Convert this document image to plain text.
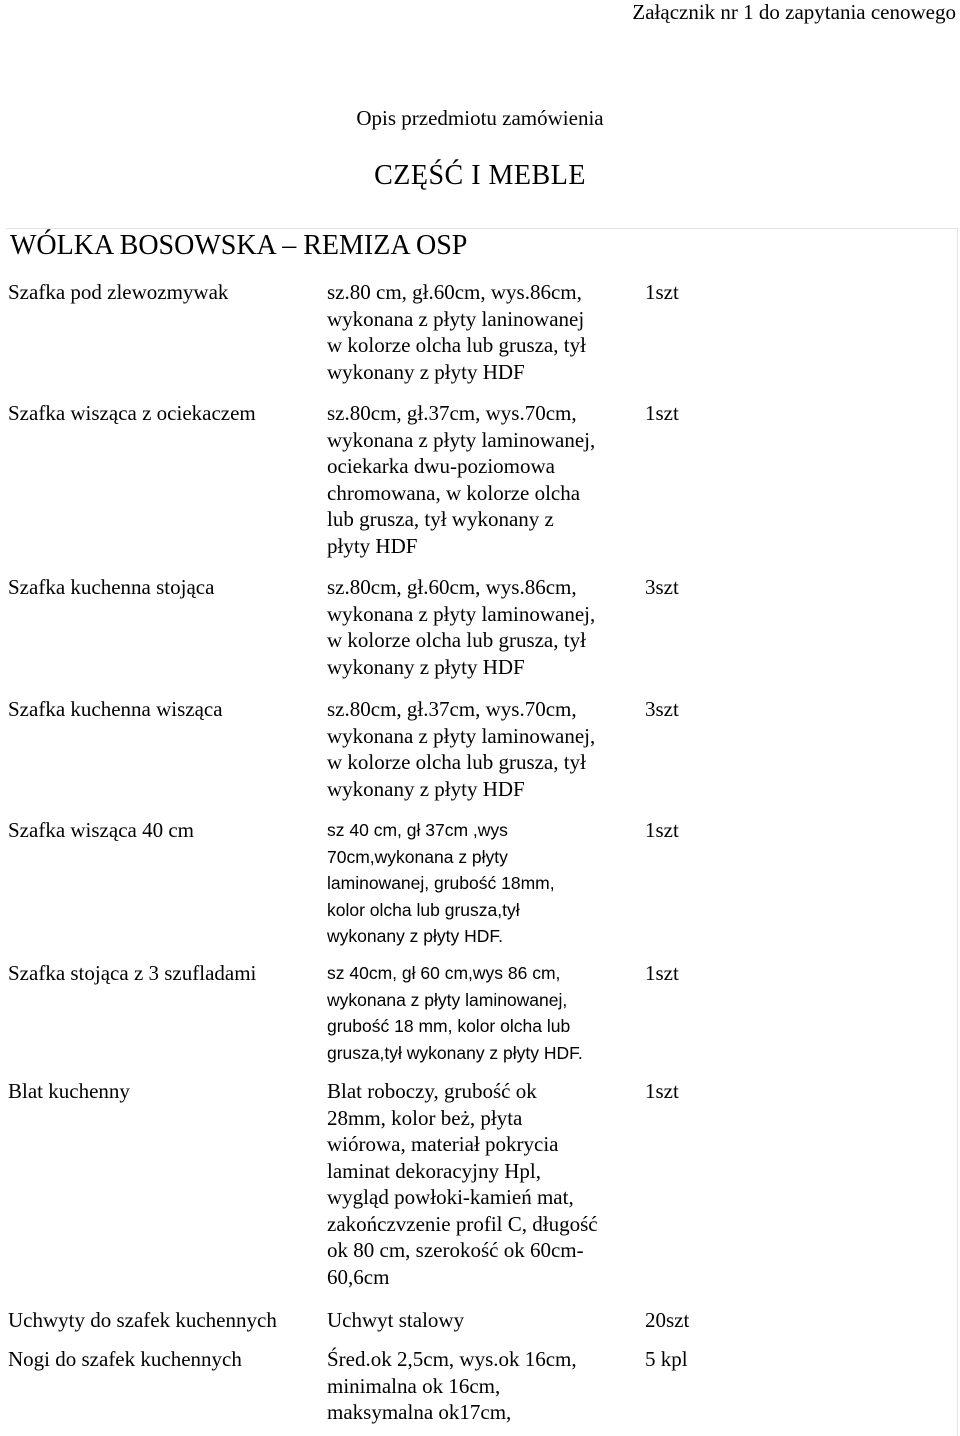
Załącznik nr 1 do zapytania cenowego
Opis przedmiotu zamówienia
CZĘŚĆ I MEBLE
WÓLKA BOSOWSKA – REMIZA OSP
Szafka pod zlewozmywak	sz.80 cm, gł.60cm, wys.86cm,
wykonana z płyty laninowanej
w kolorze olcha lub grusza, tył
wykonany z płyty HDF
1szt
Szafka wisząca z ociekaczem	sz.80cm, gł.37cm, wys.70cm,
wykonana z płyty laminowanej,
ociekarka dwu-poziomowa
chromowana, w kolorze olcha
lub grusza, tył wykonany z
płyty HDF
1szt
Szafka kuchenna stojąca	sz.80cm, gł.60cm, wys.86cm,
wykonana z płyty laminowanej,
w kolorze olcha lub grusza, tył
wykonany z płyty HDF
3szt
Szafka kuchenna wisząca	sz.80cm, gł.37cm, wys.70cm,
wykonana z płyty laminowanej,
w kolorze olcha lub grusza, tył
wykonany z płyty HDF
3szt
Szafka wisząca 40 cm	sz 40 cm, gł 37cm ,wys
70cm,wykonana z płyty
laminowanej, grubość 18mm,
kolor olcha lub grusza,tył
wykonany z płyty HDF.
1szt
Szafka stojąca z 3 szufladami	sz 40cm, gł 60 cm,wys 86 cm,
wykonana z płyty laminowanej,
grubość 18 mm, kolor olcha lub
grusza,tył wykonany z płyty HDF.
1szt
Blat kuchenny	Blat roboczy, grubość ok
28mm, kolor beż, płyta
wiórowa, materiał pokrycia
laminat dekoracyjny Hpl,
wygląd powłoki-kamień mat,
zakończvzenie profil C, długość
ok 80 cm, szerokość ok 60cm-
60,6cm
1szt
Uchwyty do szafek kuchennych	Uchwyt stalowy	20szt
Nogi do szafek kuchennych	Śred.ok 2,5cm, wys.ok 16cm,
minimalna ok 16cm,
maksymalna ok17cm,
5 kpl
